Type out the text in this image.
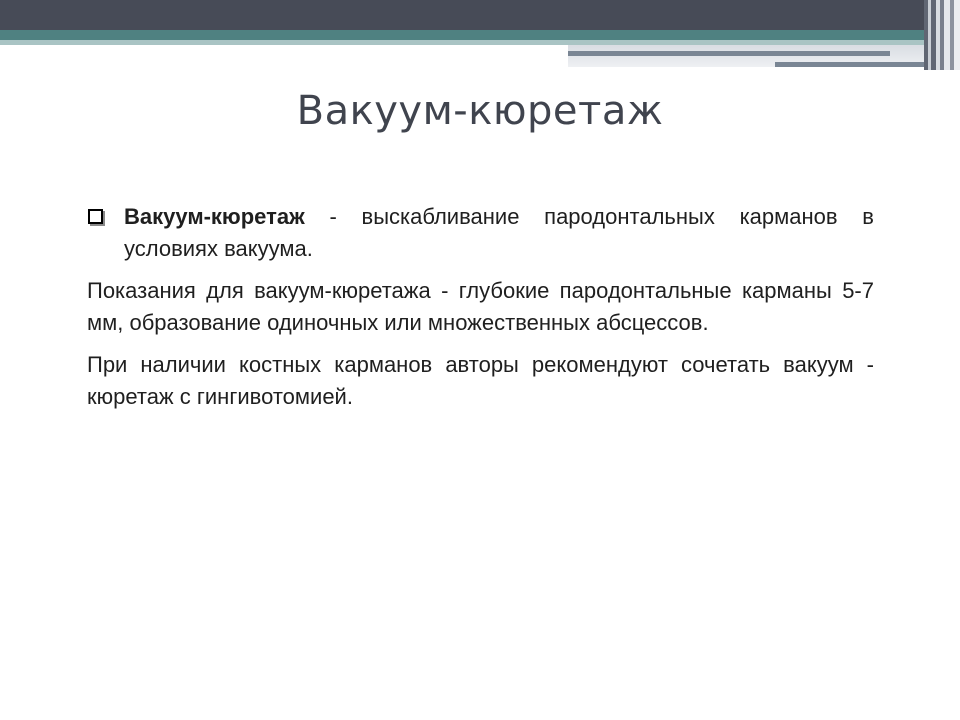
Вакуум-кюретаж
Вакуум-кюретаж - выскабливание пародонтальных карманов в условиях вакуума.

Показания для вакуум-кюретажа - глубокие пародонтальные карманы 5-7 мм, образование одиночных или множественных абсцессов.

При наличии костных карманов авторы рекомендуют сочетать вакуум - кюретаж с гингивотомией.
